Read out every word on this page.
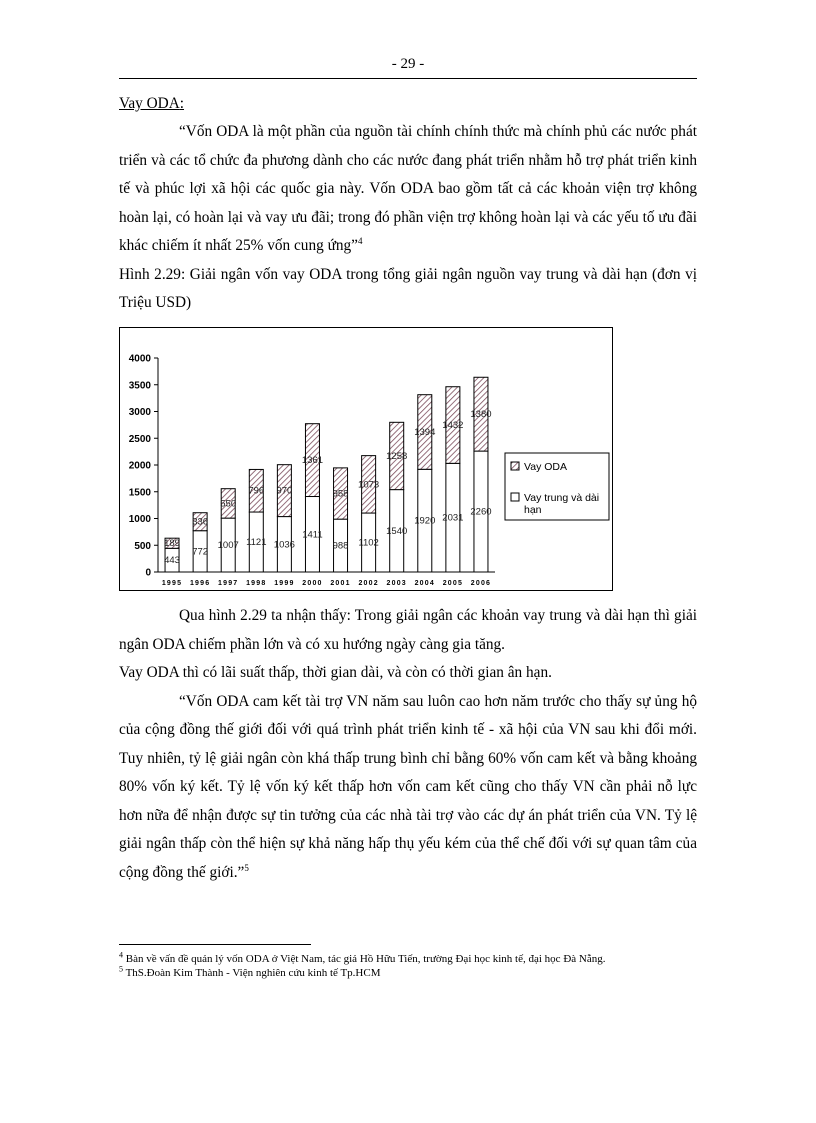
- 29 -

Vay ODA:

“Vốn ODA là một phần của nguồn tài chính chính thức mà chính phủ các nước phát triển và các tổ chức đa phương dành cho các nước đang phát triển nhằm hỗ trợ phát triển kinh tế và phúc lợi xã hội các quốc gia này. Vốn ODA bao gồm tất cả các khoản viện trợ không hoàn lại, có hoàn lại và vay ưu đãi; trong đó phần viện trợ không hoàn lại và các yếu tố ưu đãi khác chiếm ít nhất 25% vốn cung ứng”$^4$

Hình 2.29: Giải ngân vốn vay ODA trong tổng giải ngân nguồn vay trung và dài hạn (đơn vị Triệu USD)

0
500
1000
1500
2000
2500
3000
3500
4000
1995
443
189
1996
772
336
1997
1007
550
1998
1121
796
1999
1036
970
2000
1411
1361
2001
988
958
2002
1102
1073
2003
1540
1258
2004
1920
1394
2005
2031
1432
2006
2260
1380
Vay ODA
Vay trung và dài hạn

Qua hình 2.29 ta nhận thấy: Trong giải ngân các khoản vay trung và dài hạn thì giải ngân ODA chiếm phần lớn và có xu hướng ngày càng gia tăng.

Vay ODA thì có lãi suất thấp, thời gian dài, và còn có thời gian ân hạn.

“Vốn ODA cam kết tài trợ VN năm sau luôn cao hơn năm trước cho thấy sự ủng hộ của cộng đồng thế giới đối với quá trình phát triển kinh tế - xã hội của VN sau khi đổi mới. Tuy nhiên, tỷ lệ giải ngân còn khá thấp trung bình chỉ bằng 60% vốn cam kết và bằng khoảng 80% vốn ký kết. Tỷ lệ vốn ký kết thấp hơn vốn cam kết cũng cho thấy VN cần phải nỗ lực hơn nữa để nhận được sự tin tưởng của các nhà tài trợ vào các dự án phát triển của VN. Tỷ lệ giải ngân thấp còn thể hiện sự khả năng hấp thụ yếu kém của thể chế đối với sự quan tâm của cộng đồng thế giới.”$^5$

$^4$ Bàn về vấn đề quản lý vốn ODA ở Việt Nam, tác giả Hồ Hữu Tiến, trường Đại học kinh tế, đại học Đà Nẵng.

$^5$ ThS.Đoàn Kim Thành - Viện nghiên cứu kinh tế Tp.HCM
